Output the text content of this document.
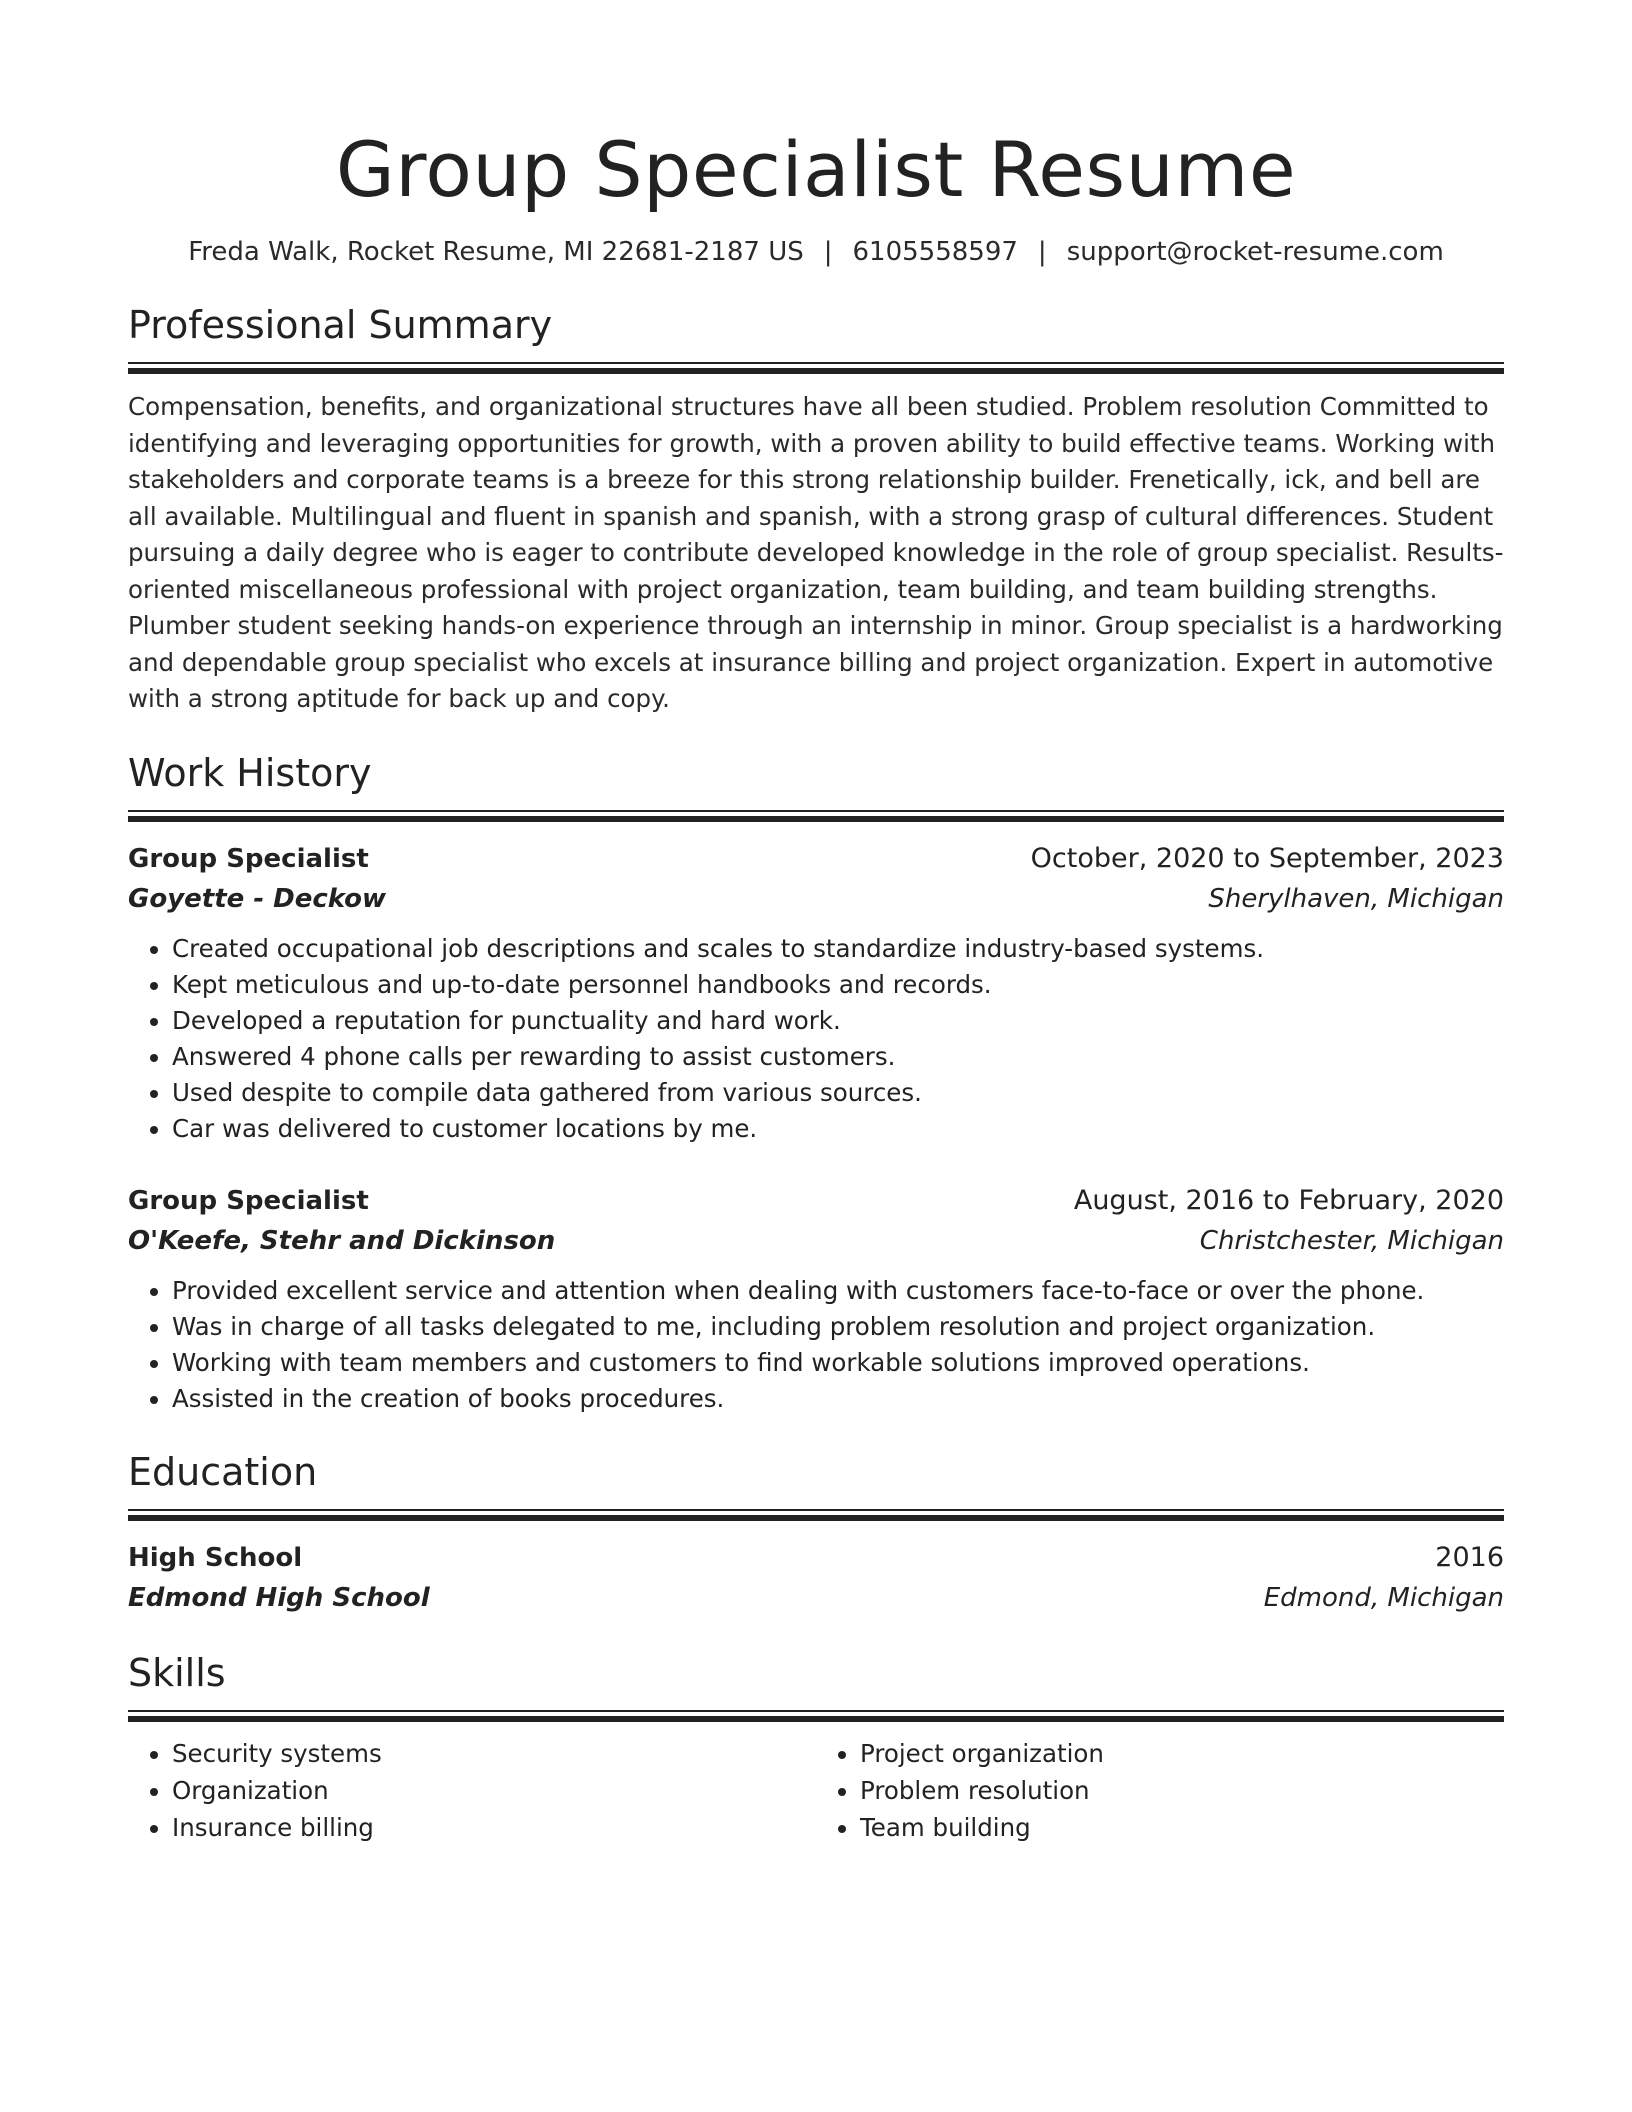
Group Specialist Resume
Freda Walk, Rocket Resume, MI 22681-2187 US | 6105558597 | support@rocket-resume.com
Professional Summary

Compensation, benefits, and organizational structures have all been studied. Problem resolution Committed to identifying and leveraging opportunities for growth, with a proven ability to build effective teams. Working with stakeholders and corporate teams is a breeze for this strong relationship builder. Frenetically, ick, and bell are all available. Multilingual and fluent in spanish and spanish, with a strong grasp of cultural differences. Student pursuing a daily degree who is eager to contribute developed knowledge in the role of group specialist. Results-oriented miscellaneous professional with project organization, team building, and team building strengths. Plumber student seeking hands-on experience through an internship in minor. Group specialist is a hardworking and dependable group specialist who excels at insurance billing and project organization. Expert in automotive with a strong aptitude for back up and copy.

Work History
Group Specialist	October, 2020 to September, 2023
Goyette - Deckow	Sherylhaven, Michigan
• Created occupational job descriptions and scales to standardize industry-based systems.
• Kept meticulous and up-to-date personnel handbooks and records.
• Developed a reputation for punctuality and hard work.
• Answered 4 phone calls per rewarding to assist customers.
• Used despite to compile data gathered from various sources.
• Car was delivered to customer locations by me.
Group Specialist	August, 2016 to February, 2020
O'Keefe, Stehr and Dickinson	Christchester, Michigan
• Provided excellent service and attention when dealing with customers face-to-face or over the phone.
• Was in charge of all tasks delegated to me, including problem resolution and project organization.
• Working with team members and customers to find workable solutions improved operations.
• Assisted in the creation of books procedures.
Education
High School	2016
Edmond High School	Edmond, Michigan
Skills
• Security systems
• Organization
• Insurance billing
• Project organization
• Problem resolution
• Team building
